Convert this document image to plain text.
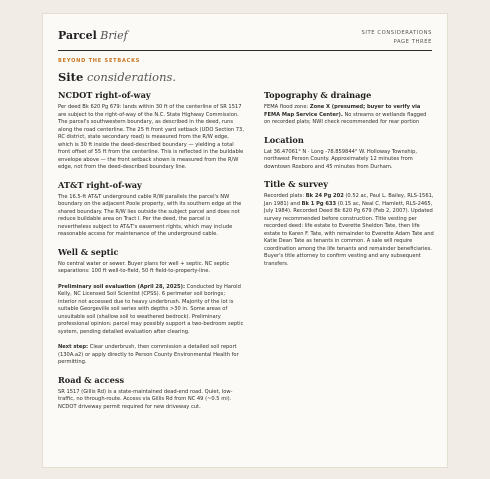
Parcel Brief	SITE CONSIDERATIONS
PAGE THREE
BEYOND THE SETBACKS
Site considerations.
NCDOT right-of-way

Per deed Bk 620 Pg 679: lands within 30 ft of the centerline of SR 1517 are subject to the right-of-way of the N.C. State Highway Commission. The parcel's southwestern boundary, as described in the deed, runs along the road centerline. The 25 ft front yard setback (UDO Section 73, RC district, state secondary road) is measured from the R/W edge, which is 30 ft inside the deed-described boundary — yielding a total front offset of 55 ft from the centerline. This is reflected in the buildable envelope above — the front setback shown is measured from the R/W edge, not from the deed-described boundary line.

AT&T right-of-way

The 16.5-ft AT&T underground cable R/W parallels the parcel's NW boundary on the adjacent Poole property, with its southern edge at the shared boundary. The R/W lies outside the subject parcel and does not reduce buildable area on Tract I. Per the deed, the parcel is nevertheless subject to AT&T's easement rights, which may include reasonable access for maintenance of the underground cable.

Well & septic

No central water or sewer. Buyer plans for well + septic. NC septic separations: 100 ft well-to-field, 50 ft field-to-property-line.

Preliminary soil evaluation (April 28, 2025): Conducted by Harold Kelly, NC Licensed Soil Scientist (CPSS). 6 perimeter soil borings; interior not accessed due to heavy underbrush. Majority of the lot is suitable Georgeville soil series with depths >30 in. Some areas of unsuitable soil (shallow soil to weathered bedrock). Preliminary professional opinion: parcel may possibly support a two-bedroom septic system, pending detailed evaluation after clearing.

Next step: Clear underbrush, then commission a detailed soil report (130A.a2) or apply directly to Person County Environmental Health for permitting.

Road & access

SR 1517 (Gillis Rd) is a state-maintained dead-end road. Quiet, low-traffic, no through-route. Access via Gillis Rd from NC 49 (~0.5 mi). NCDOT driveway permit required for new driveway cut.

Topography & drainage

FEMA flood zone: Zone X (presumed; buyer to verify via FEMA Map Service Center). No streams or wetlands flagged on recorded plats; NWI check recommended for rear portion

Location

Lat 36.47061° N · Long -78.859844° W. Holloway Township, northwest Person County. Approximately 12 minutes from downtown Roxboro and 45 minutes from Durham.

Title & survey

Recorded plats: Bk 24 Pg 202 (0.52 ac, Paul L. Bailey, RLS-1561, Jan 1981) and Bk 1 Pg 633 (0.15 ac, Neal C. Hamlett, RLS-2465, July 1984). Recorded Deed Bk 620 Pg 679 (Feb 2, 2007). Updated survey recommended before construction. Title vesting per recorded deed: life estate to Everette Sheldon Tate, then life estate to Karen F. Tate, with remainder to Everette Adam Tate and Katie Dean Tate as tenants in common. A sale will require coordination among the life tenants and remainder beneficiaries. Buyer's title attorney to confirm vesting and any subsequent transfers.
